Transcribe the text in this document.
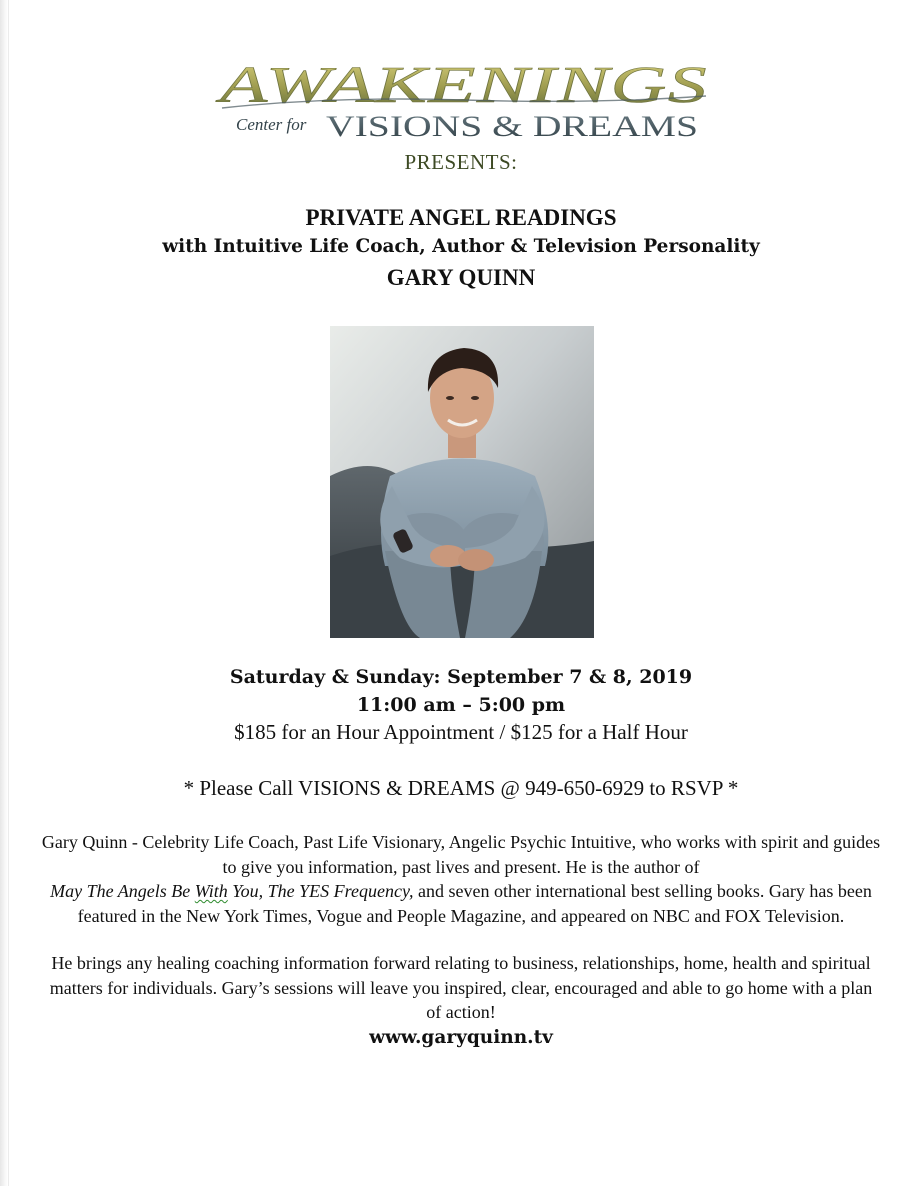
AWAKENINGS
Center for VISIONS & DREAMS
PRESENTS:
PRIVATE ANGEL READINGS
with Intuitive Life Coach, Author & Television Personality
GARY QUINN
Saturday & Sunday: September 7 & 8, 2019
11:00 am – 5:00 pm
$185 for an Hour Appointment / $125 for a Half Hour
* Please Call VISIONS & DREAMS @ 949-650-6929 to RSVP *

Gary Quinn - Celebrity Life Coach, Past Life Visionary, Angelic Psychic Intuitive, who works with spirit and guides to give you information, past lives and present. He is the author of
May The Angels Be With You, The YES Frequency, and seven other international best selling books. Gary has been featured in the New York Times, Vogue and People Magazine, and appeared on NBC and FOX Television.

He brings any healing coaching information forward relating to business, relationships, home, health and spiritual matters for individuals. Gary’s sessions will leave you inspired, clear, encouraged and able to go home with a plan of action!

www.garyquinn.tv
